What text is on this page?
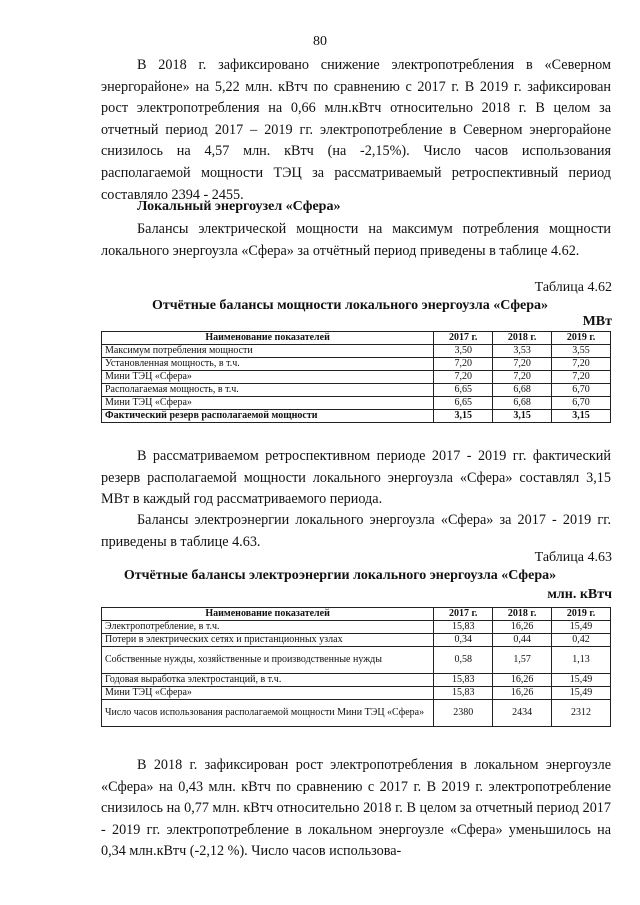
80

В 2018 г. зафиксировано снижение электропотребления в «Северном энергорайоне» на 5,22 млн. кВтч по сравнению с 2017 г. В 2019 г. зафиксирован рост электропотребления на 0,66 млн.кВтч относительно 2018 г. В целом за отчетный период 2017 – 2019 гг. электропотребление в Северном энергорайоне снизилось на 4,57 млн. кВтч (на -2,15%). Число часов использования располагаемой мощности ТЭЦ за рассматриваемый ретроспективный период составляло 2394 - 2455.

Локальный энергоузел «Сфера»

Балансы электрической мощности на максимум потребления мощности локального энергоузла «Сфера» за отчётный период приведены в таблице 4.62.

Таблица 4.62
Отчётные балансы мощности локального энергоузла «Сфера»
МВт
Наименование показателей	2017 г.	2018 г.	2019 г.
Максимум потребления мощности	3,50	3,53	3,55
Установленная мощность, в т.ч.	7,20	7,20	7,20
Мини ТЭЦ «Сфера»	7,20	7,20	7,20
Располагаемая мощность, в т.ч.	6,65	6,68	6,70
Мини ТЭЦ «Сфера»	6,65	6,68	6,70
Фактический резерв располагаемой мощности	3,15	3,15	3,15

В рассматриваемом ретроспективном периоде 2017 - 2019 гг. фактический резерв располагаемой мощности локального энергоузла «Сфера» составлял 3,15 МВт в каждый год рассматриваемого периода.

Балансы электроэнергии локального энергоузла «Сфера» за 2017 - 2019 гг. приведены в таблице 4.63.

Таблица 4.63
Отчётные балансы электроэнергии локального энергоузла «Сфера»
млн. кВтч
Наименование показателей	2017 г.	2018 г.	2019 г.
Электропотребление, в т.ч.	15,83	16,26	15,49
Потери в электрических сетях и пристанционных узлах	0,34	0,44	0,42
Собственные нужды, хозяйственные и производственные нужды	0,58	1,57	1,13
Годовая выработка электростанций, в т.ч.	15,83	16,26	15,49
Мини ТЭЦ «Сфера»	15,83	16,26	15,49
Число часов использования располагаемой мощности Мини ТЭЦ «Сфера»	2380	2434	2312

В 2018 г. зафиксирован рост электропотребления в локальном энергоузле «Сфера» на 0,43 млн. кВтч по сравнению с 2017 г. В 2019 г. электропотребление снизилось на 0,77 млн. кВтч относительно 2018 г. В целом за отчетный период 2017 - 2019 гг. электропотребление в локальном энергоузле «Сфера» уменьшилось на 0,34 млн.кВтч (-2,12 %). Число часов использова-
